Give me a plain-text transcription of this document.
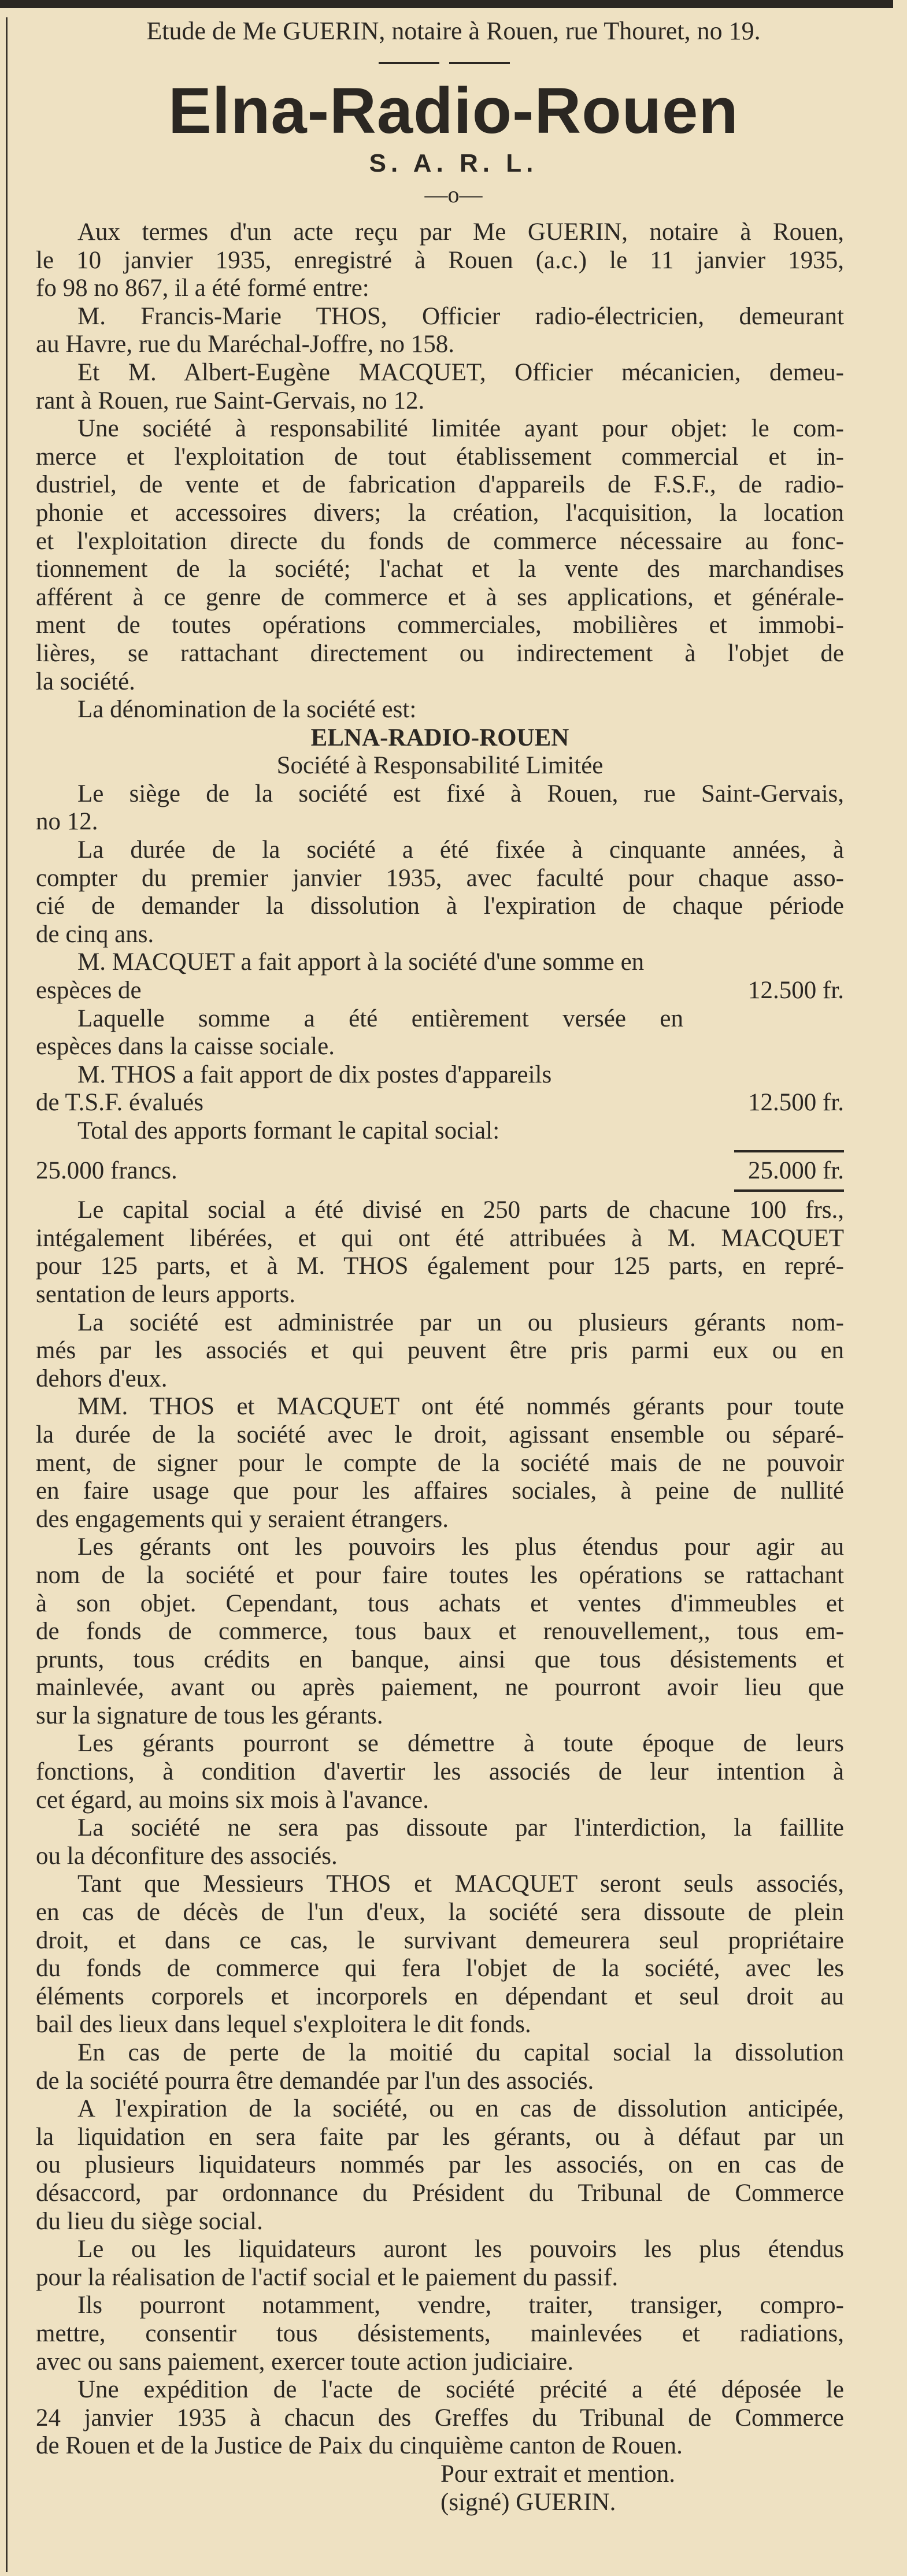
Etude de Me GUERIN, notaire à Rouen, rue Thouret, no 19.
Elna-Radio-Rouen
S. A. R. L.
—o—
Aux termes d'un acte reçu par Me GUERIN, notaire à Rouen,
le 10 janvier 1935, enregistré à Rouen (a.c.) le 11 janvier 1935,
fo 98 no 867, il a été formé entre:
M. Francis-Marie THOS, Officier radio-électricien, demeurant
au Havre, rue du Maréchal-Joffre, no 158.
Et M. Albert-Eugène MACQUET, Officier mécanicien, demeu-
rant à Rouen, rue Saint-Gervais, no 12.
Une société à responsabilité limitée ayant pour objet: le com-
merce et l'exploitation de tout établissement commercial et in-
dustriel, de vente et de fabrication d'appareils de F.S.F., de radio-
phonie et accessoires divers; la création, l'acquisition, la location
et l'exploitation directe du fonds de commerce nécessaire au fonc-
tionnement de la société; l'achat et la vente des marchandises
afférent à ce genre de commerce et à ses applications, et générale-
ment de toutes opérations commerciales, mobilières et immobi-
lières, se rattachant directement ou indirectement à l'objet de
la société.
La dénomination de la société est:
ELNA-RADIO-ROUEN
Société à Responsabilité Limitée
Le siège de la société est fixé à Rouen, rue Saint-Gervais,
no 12.
La durée de la société a été fixée à cinquante années, à
compter du premier janvier 1935, avec faculté pour chaque asso-
cié de demander la dissolution à l'expiration de chaque période
de cinq ans.
M. MACQUET a fait apport à la société d'une somme en
espèces de	12.500 fr.
Laquelle somme a été entièrement versée en
espèces dans la caisse sociale.
M. THOS a fait apport de dix postes d'appareils
de T.S.F. évalués	12.500 fr.
Total des apports formant le capital social:
25.000 francs.	25.000 fr.
Le capital social a été divisé en 250 parts de chacune 100 frs.,
intégalement libérées, et qui ont été attribuées à M. MACQUET
pour 125 parts, et à M. THOS également pour 125 parts, en repré-
sentation de leurs apports.
La société est administrée par un ou plusieurs gérants nom-
més par les associés et qui peuvent être pris parmi eux ou en
dehors d'eux.
MM. THOS et MACQUET ont été nommés gérants pour toute
la durée de la société avec le droit, agissant ensemble ou séparé-
ment, de signer pour le compte de la société mais de ne pouvoir
en faire usage que pour les affaires sociales, à peine de nullité
des engagements qui y seraient étrangers.
Les gérants ont les pouvoirs les plus étendus pour agir au
nom de la société et pour faire toutes les opérations se rattachant
à son objet. Cependant, tous achats et ventes d'immeubles et
de fonds de commerce, tous baux et renouvellement,, tous em-
prunts, tous crédits en banque, ainsi que tous désistements et
mainlevée, avant ou après paiement, ne pourront avoir lieu que
sur la signature de tous les gérants.
Les gérants pourront se démettre à toute époque de leurs
fonctions, à condition d'avertir les associés de leur intention à
cet égard, au moins six mois à l'avance.
La société ne sera pas dissoute par l'interdiction, la faillite
ou la déconfiture des associés.
Tant que Messieurs THOS et MACQUET seront seuls associés,
en cas de décès de l'un d'eux, la société sera dissoute de plein
droit, et dans ce cas, le survivant demeurera seul propriétaire
du fonds de commerce qui fera l'objet de la société, avec les
éléments corporels et incorporels en dépendant et seul droit au
bail des lieux dans lequel s'exploitera le dit fonds.
En cas de perte de la moitié du capital social la dissolution
de la société pourra être demandée par l'un des associés.
A l'expiration de la société, ou en cas de dissolution anticipée,
la liquidation en sera faite par les gérants, ou à défaut par un
ou plusieurs liquidateurs nommés par les associés, on en cas de
désaccord, par ordonnance du Président du Tribunal de Commerce
du lieu du siège social.
Le ou les liquidateurs auront les pouvoirs les plus étendus
pour la réalisation de l'actif social et le paiement du passif.
Ils pourront notamment, vendre, traiter, transiger, compro-
mettre, consentir tous désistements, mainlevées et radiations,
avec ou sans paiement, exercer toute action judiciaire.
Une expédition de l'acte de société précité a été déposée le
24 janvier 1935 à chacun des Greffes du Tribunal de Commerce
de Rouen et de la Justice de Paix du cinquième canton de Rouen.
Pour extrait et mention.
(signé) GUERIN.
